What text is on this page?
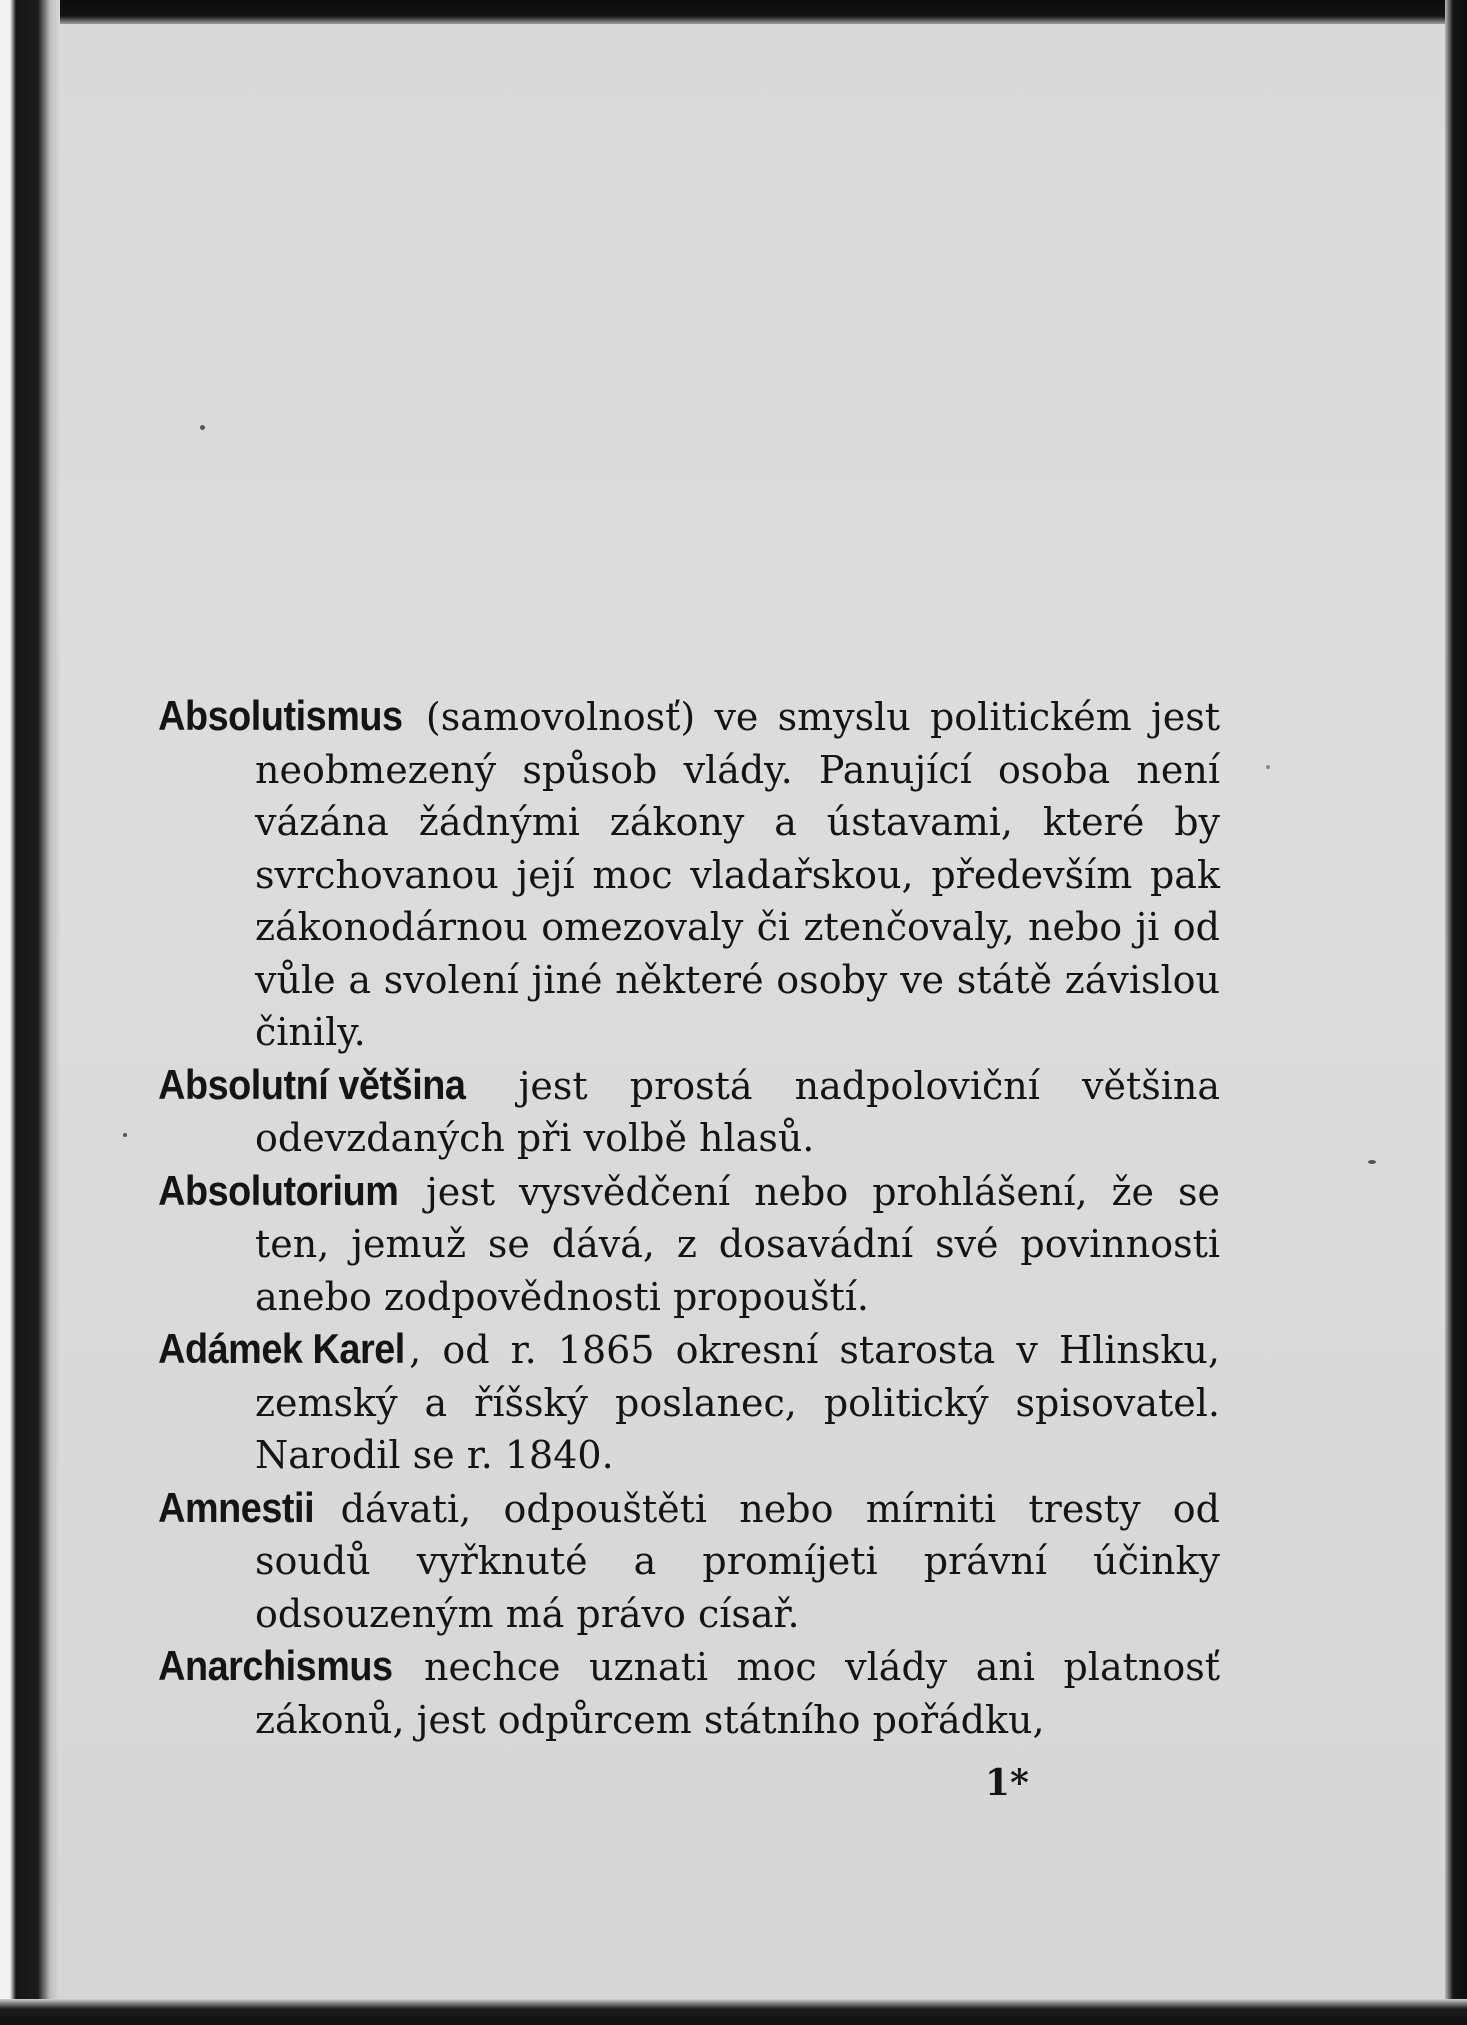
Absolutismus (samovolnosť) ve smyslu politickém jest neobmezený spůsob vlády. Panující osoba není vázána žádnými zákony a ústavami, které by svrchovanou její moc vladařskou, především pak zákonodárnou omezovaly či ztenčovaly, nebo ji od vůle a svolení jiné některé osoby ve státě závislou činily.

Absolutní většina jest prostá nadpoloviční většina odevzdaných při volbě hlasů.

Absolutorium jest vysvědčení nebo prohlášení, že se ten, jemuž se dává, z dosavádní své povinnosti anebo zodpovědnosti propouští.

Adámek Karel , od r. 1865 okresní starosta v Hlinsku, zemský a říšský poslanec, politický spisovatel. Narodil se r. 1840.

Amnestii dávati, odpouštěti nebo mírniti tresty od soudů vyřknuté a promíjeti právní účinky odsouzeným má právo císař.

Anarchismus nechce uznati moc vlády ani platnosť zákonů, jest odpůrcem státního pořádku,

1*
